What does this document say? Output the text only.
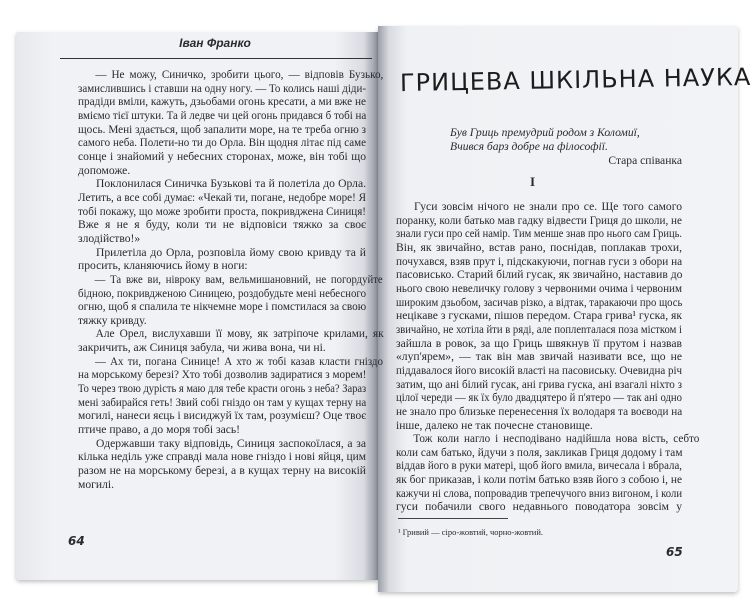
Іван Франко
— Не можу, Синичко, зробити цього, — відповів Бузько,
замислившись і ставши на одну ногу. — То колись наші діди-
прадіди вміли, кажуть, дзьобами огонь кресати, а ми вже не
вміємо тієї штуки. Та й ледве чи цей огонь придався б тобі на
щось. Мені здається, щоб запалити море, на те треба огню з
самого неба. Полети-но ти до Орла. Він щодня літає під саме
сонце і знайомий у небесних сторонах, може, він тобі що
допоможе.
Поклонилася Синичка Бузькові та й полетіла до Орла.
Летить, а все собі думає: «Чекай ти, погане, недобре море! Я
тобі покажу, що може зробити проста, покривджена Синиця!
Вже я не я буду, коли ти не відповіси тяжко за своє
злодійство!»
Прилетіла до Орла, розповіла йому свою кривду та й
просить, кланяючись йому в ноги:
— Та вже ви, нівроку вам, вельмишановний, не погордуйте
бідною, покривдженою Синицею, роздобудьте мені небесного
огню, щоб я спалила те нікчемне море і помстилася за свою
тяжку кривду.
Але Орел, вислухавши її мову, як затріпоче крилами, як
закричить, аж Синиця забула, чи жива вона, чи ні.
— Ах ти, погана Синице! А хто ж тобі казав класти гніздо
на морському березі? Хто тобі дозволив задиратися з морем!
То через твою дурість я маю для тебе красти огонь з неба? Зараз
мені забирайся геть! Звий собі гніздо он там у кущах терну на
могилі, нанеси яєць і висиджуй їх там, розумієш? Оце твоє
птиче право, а до моря тобі зась!
Одержавши таку відповідь, Синиця заспокоїлася, а за
кілька неділь уже справді мала нове гніздо і нові яйця, цим
разом не на морському березі, а в кущах терну на високій
могилі.
64
ГРИЦЕВА ШКІЛЬНА НАУКА
Був Гриць премудрий родом з Коломиї,
Вчився барз добре на філософії.
Стара співанка
I
Гуси зовсім нічого не знали про се. Ще того самого
поранку, коли батько мав гадку відвести Гриця до школи, не
знали гуси про сей намір. Тим менше знав про нього сам Гриць.
Він, як звичайно, встав рано, поснідав, поплакав трохи,
почухався, взяв прут і, підскакуючи, погнав гуси з обори на
пасовисько. Старий білий гусак, як звичайно, наставив до
нього свою невеличку голову з червоними очима і червоним
широким дзьобом, засичав різко, а відтак, таракаючи про щось
нецікаве з гусками, пішов передом. Стара грива¹ гуска, як
звичайно, не хотіла йти в ряді, але поплenталася поза містком і
зайшла в ровок, за що Гриць швякнув її прутом і назвав
«луп'ярем», — так він мав звичай називати все, що не
піддавалося його високій власті на пасовиську. Очевидна річ
затим, що ані білий гусак, ані грива гуска, ані взагалі ніхто з
цілої череди — як їх було двадцятеро й п'ятеро — так ані одно
не знало про близьке перенесення їх володаря та воєводи на
інше, далеко не так почесне становище.
Тож коли нагло і несподівано надійшла нова вість, себто
коли сам батько, йдучи з поля, закликав Гриця додому і там
віддав його в руки матері, щоб його вмила, вичесала і вбрала,
як бог приказав, і коли потім батько взяв його з собою і, не
кажучи ні слова, попровадив трепечучого вниз вигоном, і коли
гуси побачили свого недавнього поводатора зовсім у
¹ Гривий — сіро-жовтий, чорно-жовтий.
65
